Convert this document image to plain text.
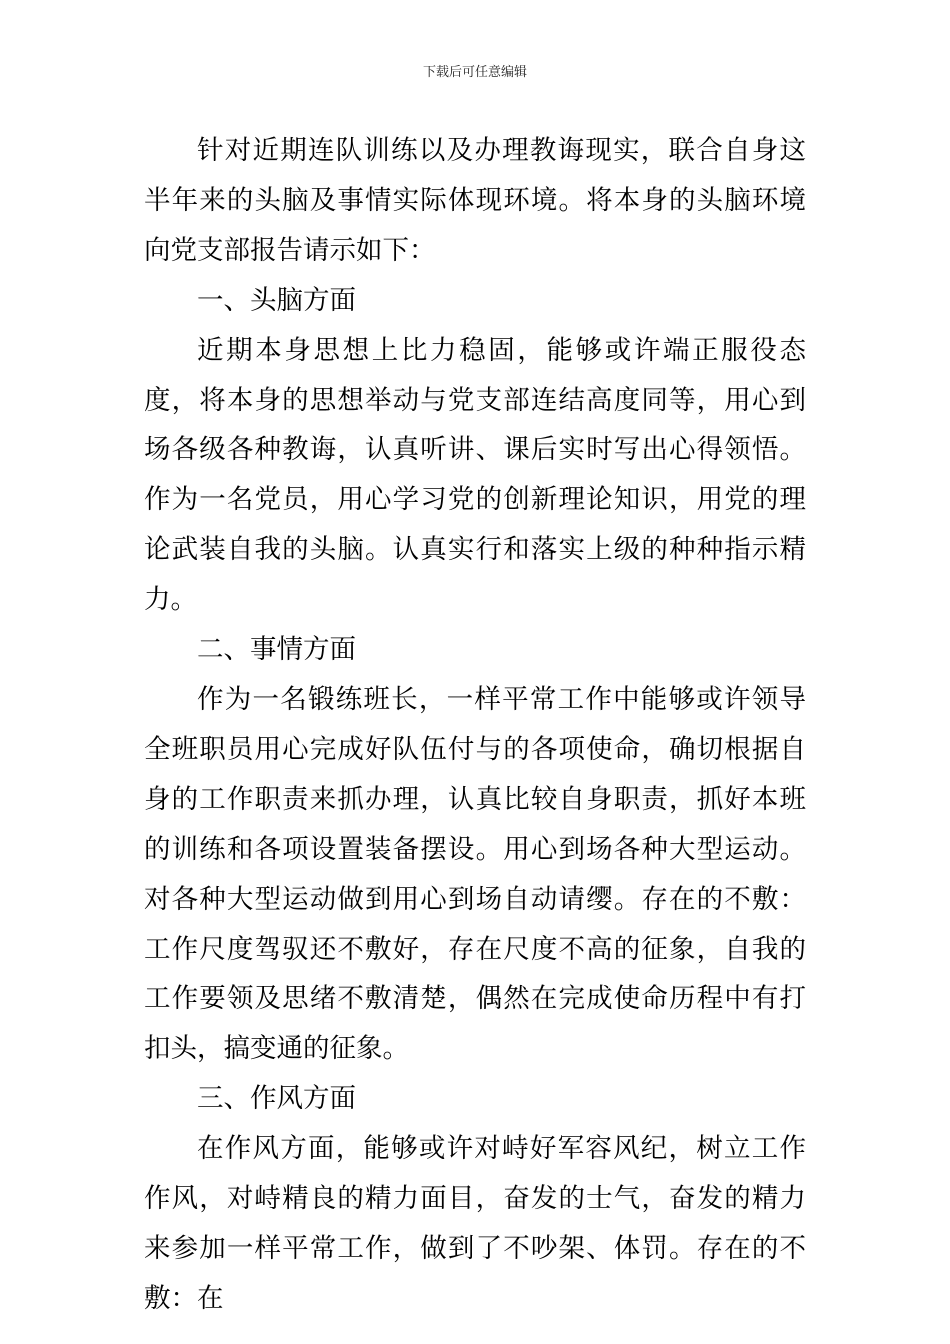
下载后可任意编辑

针对近期连队训练以及办理教诲现实，联合自身这半年来的头脑及事情实际体现环境。将本身的头脑环境向党支部报告请示如下：

一、头脑方面

近期本身思想上比力稳固，能够或许端正服役态度，将本身的思想举动与党支部连结高度同等，用心到场各级各种教诲，认真听讲、课后实时写出心得领悟。作为一名党员，用心学习党的创新理论知识，用党的理论武装自我的头脑。认真实行和落实上级的种种指示精力。

二、事情方面

作为一名锻练班长，一样平常工作中能够或许领导全班职员用心完成好队伍付与的各项使命，确切根据自身的工作职责来抓办理，认真比较自身职责，抓好本班的训练和各项设置装备摆设。用心到场各种大型运动。对各种大型运动做到用心到场自动请缨。存在的不敷：工作尺度驾驭还不敷好，存在尺度不高的征象，自我的工作要领及思绪不敷清楚，偶然在完成使命历程中有打扣头，搞变通的征象。

三、作风方面

在作风方面，能够或许对峙好军容风纪，树立工作作风，对峙精良的精力面目，奋发的士气，奋发的精力来参加一样平常工作，做到了不吵架、体罚。存在的不敷：在
